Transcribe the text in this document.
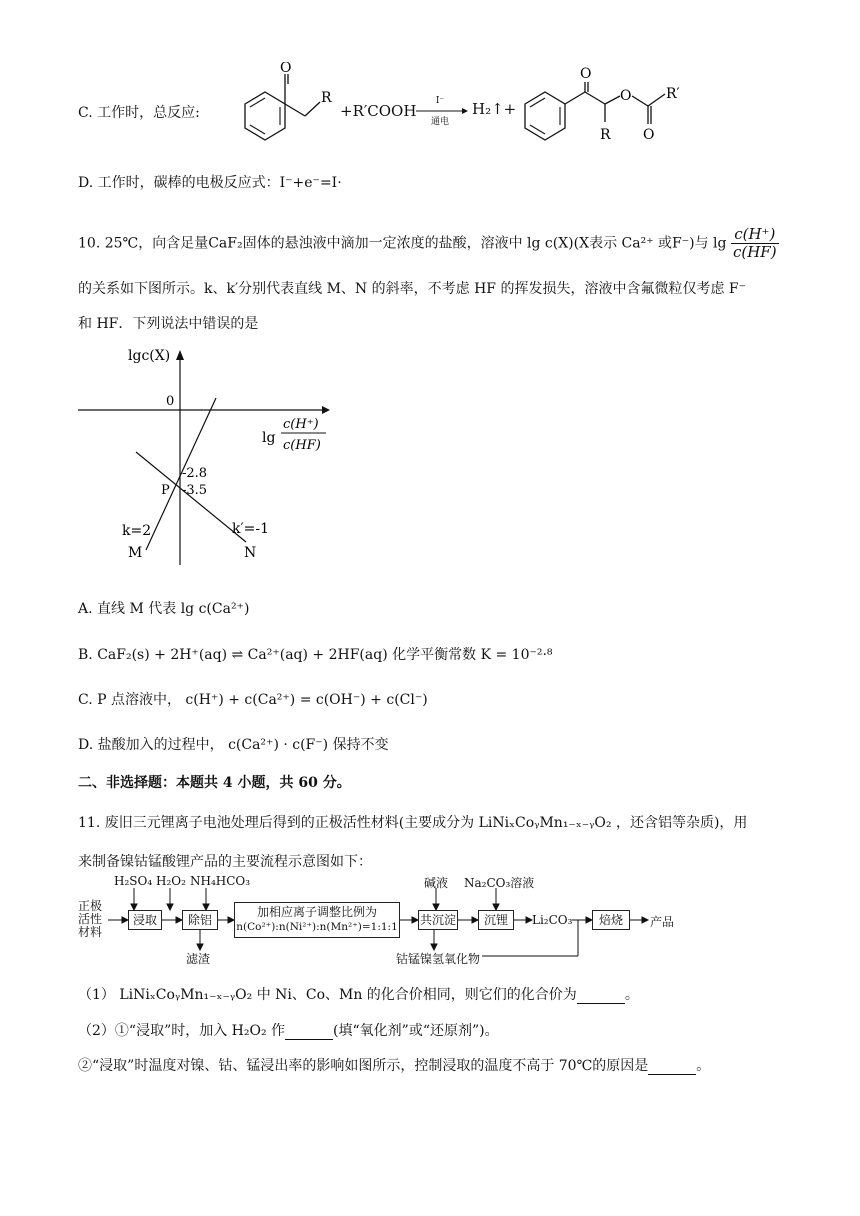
C. 工作时，总反应:
O
R
+R′COOH
I⁻
通电
H₂↑+
O
R
O
O
R′
D. 工作时，碳棒的电极反应式：I⁻+e⁻=I·
10. 25℃，向含足量CaF₂固体的悬浊液中滴加一定浓度的盐酸，溶液中 lg c(X)(X表示 Ca²⁺ 或F⁻)与 $\lg \frac{c(H^+)}{c(HF)}$
的关系如下图所示。k、k′分别代表直线 M、N 的斜率，不考虑 HF 的挥发损失，溶液中含氟微粒仅考虑 F⁻
和 HF．下列说法中错误的是
lgc(X)
0
-2.8
-3.5
P
k=2
M
k′=-1
N
lg
c(H⁺)
c(HF)
A. 直线 M 代表 lg c(Ca²⁺)
B. CaF₂(s) + 2H⁺(aq) ⇌ Ca²⁺(aq) + 2HF(aq) 化学平衡常数 K = 10⁻²·⁸
C. P 点溶液中， c(H⁺) + c(Ca²⁺) = c(OH⁻) + c(Cl⁻)
D. 盐酸加入的过程中， c(Ca²⁺) · c(F⁻) 保持不变
二、非选择题：本题共 4 小题，共 60 分。
11. 废旧三元锂离子电池处理后得到的正极活性材料(主要成分为 LiNiₓCoᵧMn₁₋ₓ₋ᵧO₂ ，还含铝等杂质)，用
来制备镍钴锰酸锂产品的主要流程示意图如下：
正极
活性
材料
H₂SO₄ H₂O₂ NH₄HCO₃
浸取	除铝
滤渣
加相应离子调整比例为
n(Co²⁺):n(Ni²⁺):n(Mn²⁺)=1:1:1
碱液
共沉淀
Na₂CO₃溶液
沉锂	Li₂CO₃	焙烧	产品
钴锰镍氢氧化物
（1） LiNiₓCoᵧMn₁₋ₓ₋ᵧO₂ 中 Ni、Co、Mn 的化合价相同，则它们的化合价为	。
（2）①“浸取”时，加入 H₂O₂ 作	(填“氧化剂”或“还原剂”)。
②“浸取”时温度对镍、钴、锰浸出率的影响如图所示，控制浸取的温度不高于 70℃的原因是	。
